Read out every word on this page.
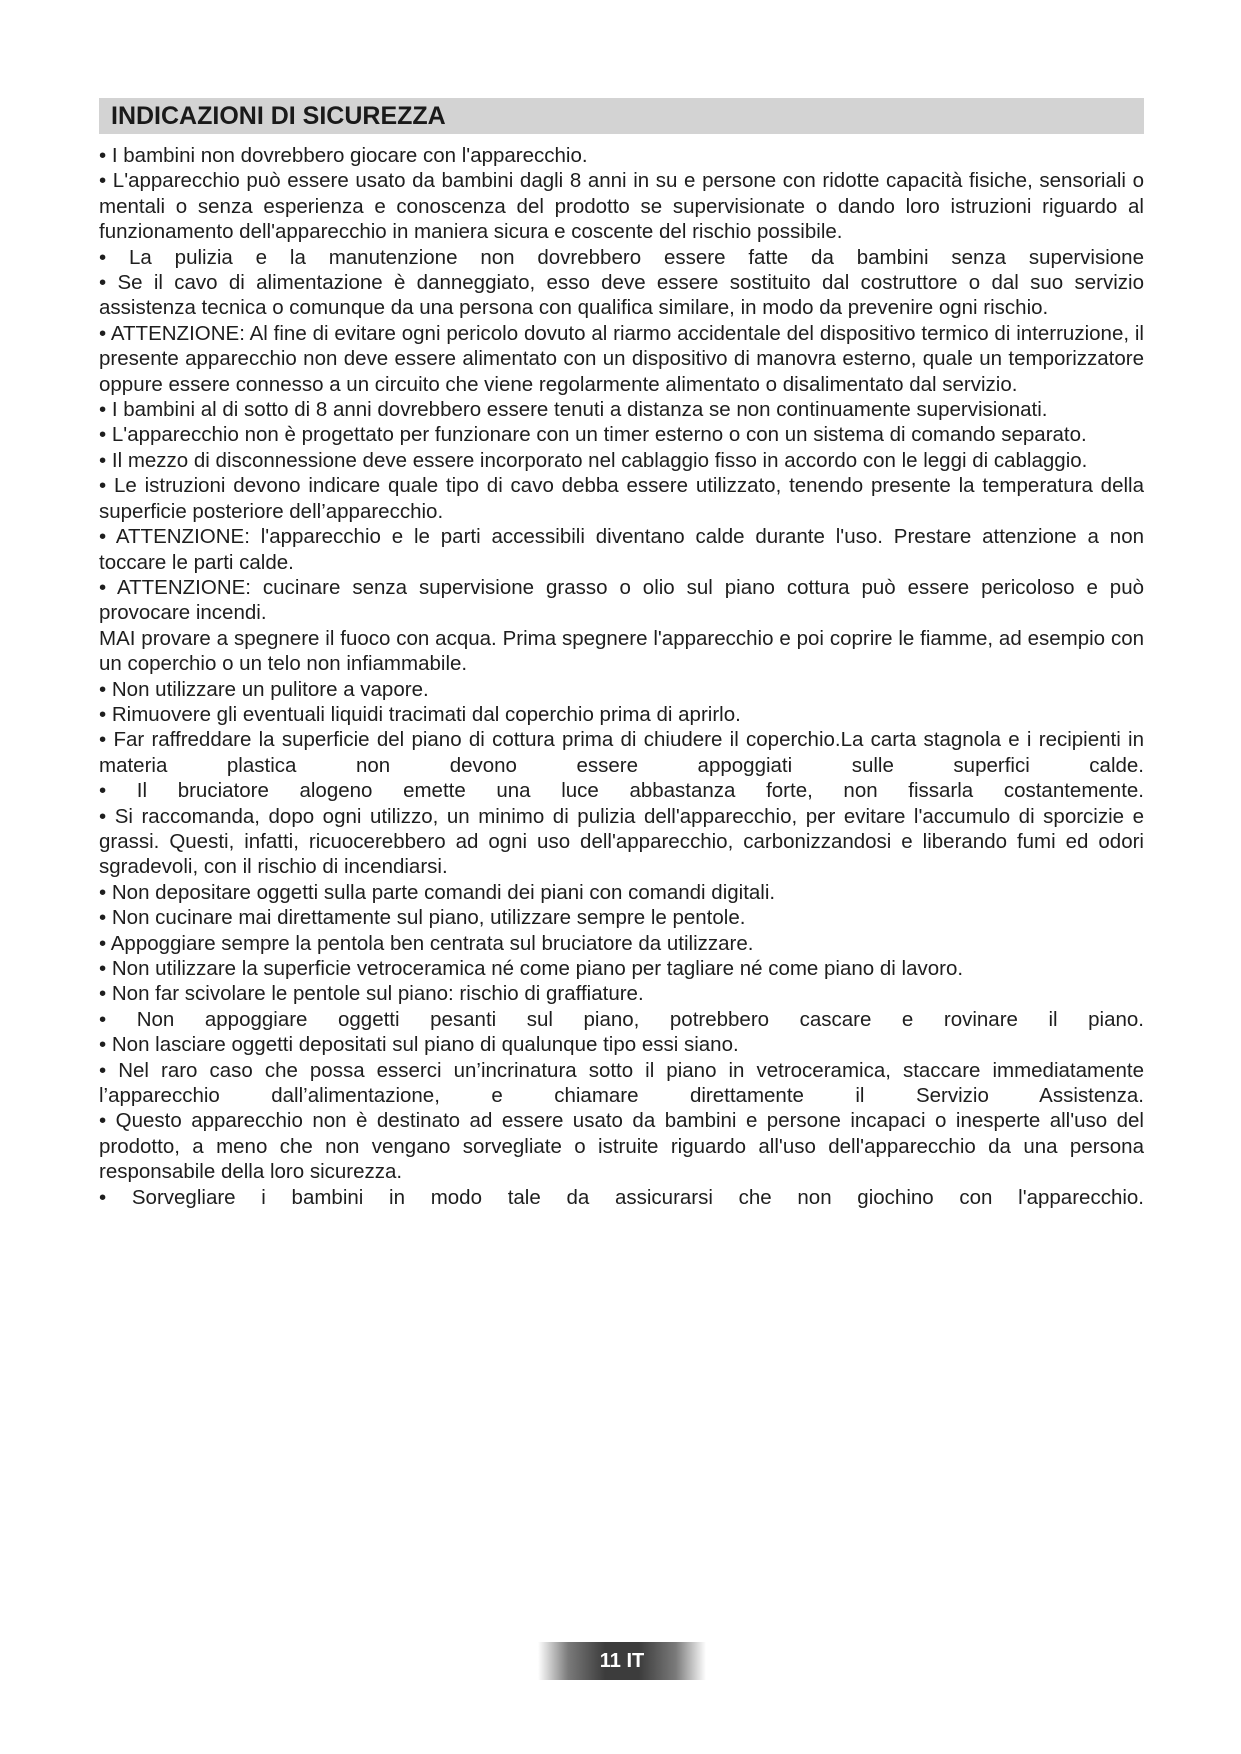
INDICAZIONI DI SICUREZZA

• I bambini non dovrebbero giocare con l'apparecchio.

• L'apparecchio può essere usato da bambini dagli 8 anni in su e persone con ridotte capacità fisiche, sensoriali o mentali o senza esperienza e conoscenza del prodotto se supervisionate o dando loro istruzioni riguardo al funzionamento dell'apparecchio in maniera sicura e coscente del rischio possibile.

• La pulizia e la manutenzione non dovrebbero essere fatte da bambini senza supervisione

• Se il cavo di alimentazione è danneggiato, esso deve essere sostituito dal costruttore o dal suo servizio assistenza tecnica o comunque da una persona con qualifica similare, in modo da prevenire ogni rischio.

• ATTENZIONE: Al fine di evitare ogni pericolo dovuto al riarmo accidentale del dispositivo termico di interruzione, il presente apparecchio non deve essere alimentato con un dispositivo di manovra esterno, quale un temporizzatore oppure essere connesso a un circuito che viene regolarmente alimentato o disalimentato dal servizio.

• I bambini al di sotto di 8 anni dovrebbero essere tenuti a distanza se non continuamente supervisionati.

• L'apparecchio non è progettato per funzionare con un timer esterno o con un sistema di comando separato.

• Il mezzo di disconnessione deve essere incorporato nel cablaggio fisso in accordo con le leggi di cablaggio.

• Le istruzioni devono indicare quale tipo di cavo debba essere utilizzato, tenendo presente la temperatura della superficie posteriore dell’apparecchio.

• ATTENZIONE: l'apparecchio e le parti accessibili diventano calde durante l'uso. Prestare attenzione a non toccare le parti calde.

• ATTENZIONE: cucinare senza supervisione grasso o olio sul piano cottura può essere pericoloso e può provocare incendi.

MAI provare a spegnere il fuoco con acqua. Prima spegnere l'apparecchio e poi coprire le fiamme, ad esempio con un coperchio o un telo non infiammabile.

• Non utilizzare un pulitore a vapore.

• Rimuovere gli eventuali liquidi tracimati dal coperchio prima di aprirlo.

• Far raffreddare la superficie del piano di cottura prima di chiudere il coperchio.La carta stagnola e i recipienti in materia plastica non devono essere appoggiati sulle superfici calde.

• Il bruciatore alogeno emette una luce abbastanza forte, non fissarla costantemente.

• Si raccomanda, dopo ogni utilizzo, un minimo di pulizia dell'apparecchio, per evitare l'accumulo di sporcizie e grassi. Questi, infatti, ricuocerebbero ad ogni uso dell'apparecchio, carbonizzandosi e liberando fumi ed odori sgradevoli, con il rischio di incendiarsi.

• Non depositare oggetti sulla parte comandi dei piani con comandi digitali.

• Non cucinare mai direttamente sul piano, utilizzare sempre le pentole.

• Appoggiare sempre la pentola ben centrata sul bruciatore da utilizzare.

• Non utilizzare la superficie vetroceramica né come piano per tagliare né come piano di lavoro.

• Non far scivolare le pentole sul piano: rischio di graffiature.

• Non appoggiare oggetti pesanti sul piano, potrebbero cascare e rovinare il piano.

• Non lasciare oggetti depositati sul piano di qualunque tipo essi siano.

• Nel raro caso che possa esserci un’incrinatura sotto il piano in vetroceramica, staccare immediatamente l’apparecchio dall’alimentazione, e chiamare direttamente il Servizio Assistenza.

• Questo apparecchio non è destinato ad essere usato da bambini e persone incapaci o inesperte all'uso del prodotto, a meno che non vengano sorvegliate o istruite riguardo all'uso dell'apparecchio da una persona responsabile della loro sicurezza.

• Sorvegliare i bambini in modo tale da assicurarsi che non giochino con l'apparecchio.

11 IT
